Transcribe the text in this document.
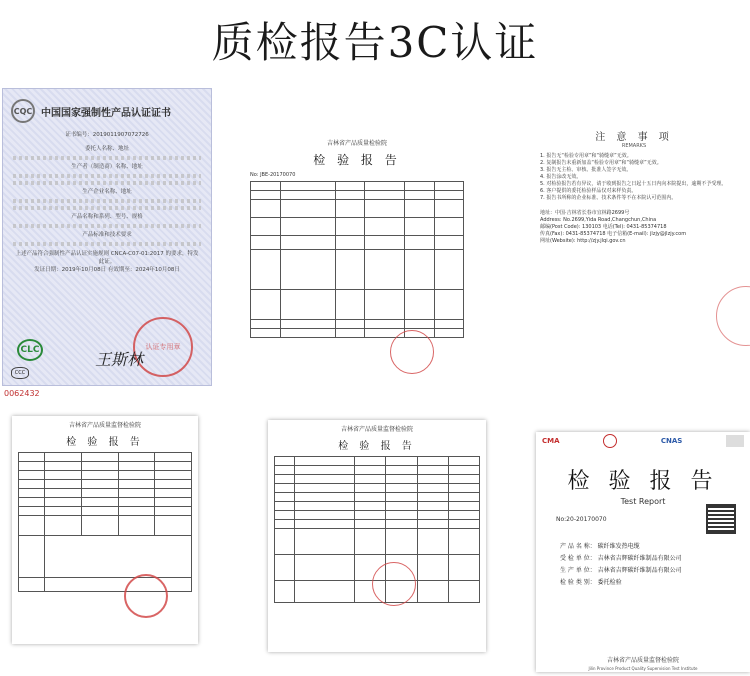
质检报告3C认证
CQC 中国国家强制性产品认证证书
证书编号：2019011907072726
委托人名称、地址
生产者（制造商）名称、地址
生产企业名称、地址
产品名称和系列、型号、规格
产品标准和技术要求
上述产品符合强制性产品认证实施规则 CNCA-C07-01:2017 的要求，特发此证。
发证日期：2019年10月08日 有效期至：2024年10月08日
认证专用章
CLC	王斯林
CCC
0062432
吉林省产品质量检验院
检 验 报 告
No: JBE-20170070

注 意 事 项
REMARKS
1. 报告无“检验专用章”和“骑缝章”无效。
2. 复制报告未重新加盖“检验专用章”和“骑缝章”无效。
3. 报告无主检、审核、批准人签字无效。
4. 报告涂改无效。
5. 对检验报告若有异议，请于收到报告之日起十五日内向本院提出，逾期不予受理。
6. 客户提供的委托检验样品仅对来样负责。
7. 报告书所称的企业标准、技术条件等不在本院认可范围内。
地址：中国·吉林省长春市宜林路2699号
Address: No.2699,Yida Road,Changchun,China
邮编(Post Code): 130103 电话(Tel): 0431-85374718
传真(Fax): 0431-85374718 电子信箱(E-mail): jlzjy@jlzjy.com
网址(Website): http://zjy.jlqi.gov.cn
吉林省产品质量监督检验院
检 验 报 告

吉林省产品质量监督检验院
检 验 报 告

						CMA	CNAS
检 验 报 告
Test Report
No:20-20170070
产 品 名 称： 碳纤维发热电缆
受 检 单 位： 吉林省吉辉碳纤维制品有限公司
生 产 单 位： 吉林省吉辉碳纤维制品有限公司
检 验 类 别： 委托检验
吉林省产品质量监督检验院
Jilin Province Product Quality Supervision Test Institute
